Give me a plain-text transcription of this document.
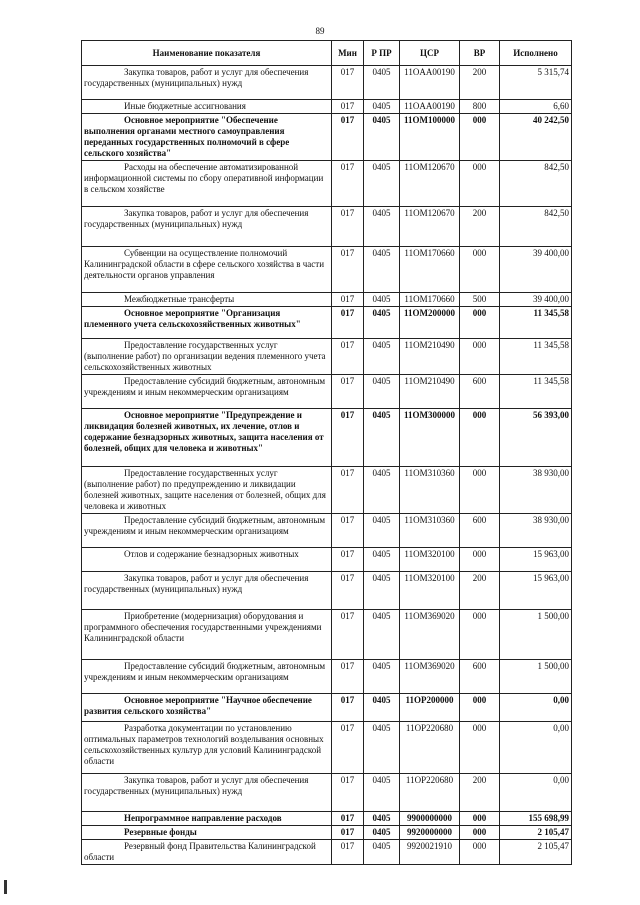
89
Наименование показателя	Мин	Р ПР	ЦСР	ВР	Исполнено

Закупка товаров, работ и услуг для обеспечения государственных (муниципальных) нужд	017	0405	11OAA00190	200	5 315,74

Иные бюджетные ассигнования	017	0405	11OAA00190	800	6,60

Основное мероприятие "Обеспечение выполнения органами местного самоуправления переданных государственных полномочий в сфере сельского хозяйства"	017	0405	11OM100000	000	40 242,50

Расходы на обеспечение автоматизированной информационной системы по сбору оперативной информации в сельском хозяйстве	017	0405	11OM120670	000	842,50

Закупка товаров, работ и услуг для обеспечения государственных (муниципальных) нужд	017	0405	11OM120670	200	842,50

Субвенции на осуществление полномочий Калининградской области в сфере сельского хозяйства в части деятельности органов управления	017	0405	11OM170660	000	39 400,00

Межбюджетные трансферты	017	0405	11OM170660	500	39 400,00

Основное мероприятие "Организация племенного учета сельскохозяйственных животных"	017	0405	11OM200000	000	11 345,58

Предоставление государственных услуг (выполнение работ) по организации ведения племенного учета сельскохозяйственных животных	017	0405	11OM210490	000	11 345,58

Предоставление субсидий бюджетным, автономным учреждениям и иным некоммерческим организациям	017	0405	11OM210490	600	11 345,58

Основное мероприятие "Предупреждение и ликвидация болезней животных, их лечение, отлов и содержание безнадзорных животных, защита населения от болезней, общих для человека и животных"	017	0405	11OM300000	000	56 393,00

Предоставление государственных услуг (выполнение работ) по предупреждению и ликвидации болезней животных, защите населения от болезней, общих для человека и животных	017	0405	11OM310360	000	38 930,00

Предоставление субсидий бюджетным, автономным учреждениям и иным некоммерческим организациям	017	0405	11OM310360	600	38 930,00

Отлов и содержание безнадзорных животных	017	0405	11OM320100	000	15 963,00

Закупка товаров, работ и услуг для обеспечения государственных (муниципальных) нужд	017	0405	11OM320100	200	15 963,00

Приобретение (модернизация) оборудования и программного обеспечения государственными учреждениями Калининградской области	017	0405	11OM369020	000	1 500,00

Предоставление субсидий бюджетным, автономным учреждениям и иным некоммерческим организациям	017	0405	11OM369020	600	1 500,00

Основное мероприятие "Научное обеспечение развития сельского хозяйства"	017	0405	11OP200000	000	0,00

Разработка документации по установлению оптимальных параметров технологий возделывания основных сельскохозяйственных культур для условий Калининградской области	017	0405	11OP220680	000	0,00

Закупка товаров, работ и услуг для обеспечения государственных (муниципальных) нужд	017	0405	11OP220680	200	0,00

Непрограммное направление расходов	017	0405	9900000000	000	155 698,99

Резервные фонды	017	0405	9920000000	000	2 105,47

Резервный фонд Правительства Калининградской области	017	0405	9920021910	000	2 105,47
